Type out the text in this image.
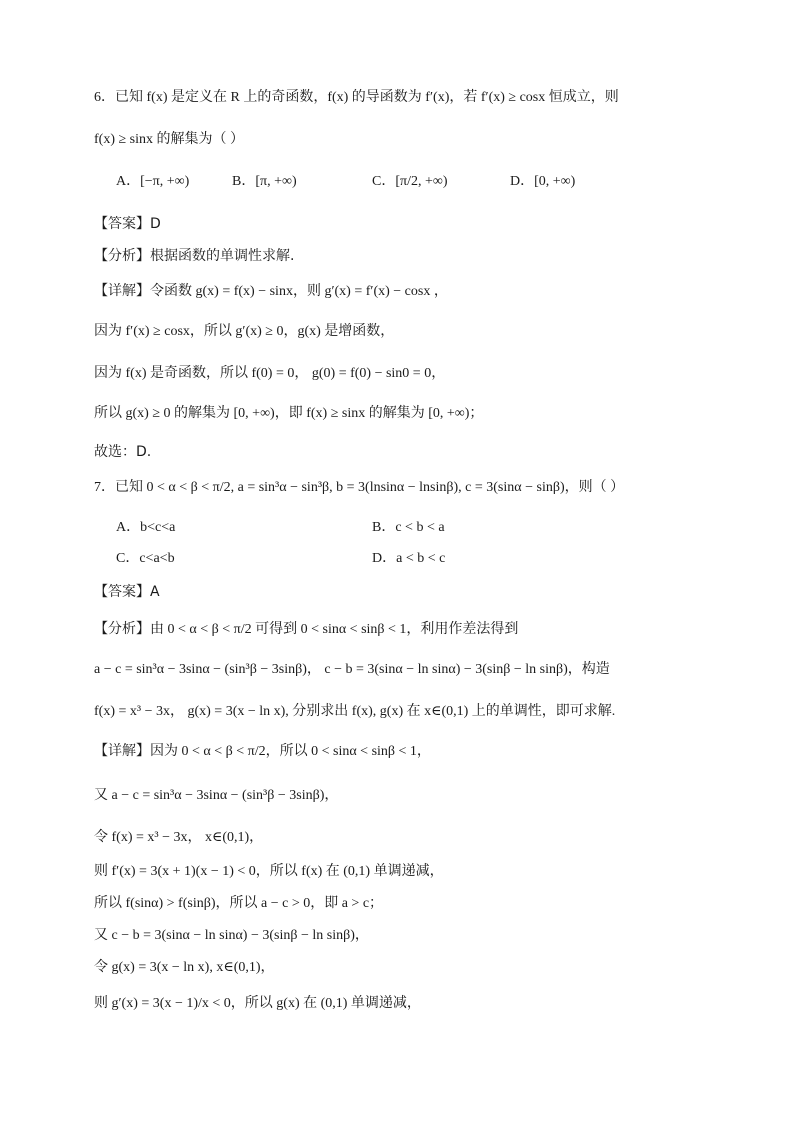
6．已知 f(x) 是定义在 R 上的奇函数，f(x) 的导函数为 f′(x)，若 f′(x) ≥ cosx 恒成立，则
f(x) ≥ sinx 的解集为（ ）
A．[−π, +∞)	B．[π, +∞)	C．[π/2, +∞)	D．[0, +∞)
【答案】D
【分析】根据函数的单调性求解.
【详解】令函数 g(x) = f(x) − sinx，则 g′(x) = f′(x) − cosx ，
因为 f′(x) ≥ cosx，所以 g′(x) ≥ 0，g(x) 是增函数，
因为 f(x) 是奇函数，所以 f(0) = 0， g(0) = f(0) − sin0 = 0，
所以 g(x) ≥ 0 的解集为 [0, +∞)，即 f(x) ≥ sinx 的解集为 [0, +∞)；
故选：D.
7．已知 0 < α < β < π/2, a = sin³α − sin³β, b = 3(lnsinα − lnsinβ), c = 3(sinα − sinβ)，则（ ）
A．b<c<a	B．c < b < a
C．c<a<b	D．a < b < c
【答案】A
【分析】由 0 < α < β < π/2 可得到 0 < sinα < sinβ < 1，利用作差法得到
a − c = sin³α − 3sinα − (sin³β − 3sinβ)， c − b = 3(sinα − ln sinα) − 3(sinβ − ln sinβ)，构造
f(x) = x³ − 3x， g(x) = 3(x − ln x), 分别求出 f(x), g(x) 在 x∈(0,1) 上的单调性，即可求解.
【详解】因为 0 < α < β < π/2，所以 0 < sinα < sinβ < 1，
又 a − c = sin³α − 3sinα − (sin³β − 3sinβ)，
令 f(x) = x³ − 3x， x∈(0,1)，
则 f′(x) = 3(x + 1)(x − 1) < 0，所以 f(x) 在 (0,1) 单调递减，
所以 f(sinα) > f(sinβ)，所以 a − c > 0，即 a > c；
又 c − b = 3(sinα − ln sinα) − 3(sinβ − ln sinβ)，
令 g(x) = 3(x − ln x), x∈(0,1)，
则 g′(x) = 3(x − 1)/x < 0，所以 g(x) 在 (0,1) 单调递减，
